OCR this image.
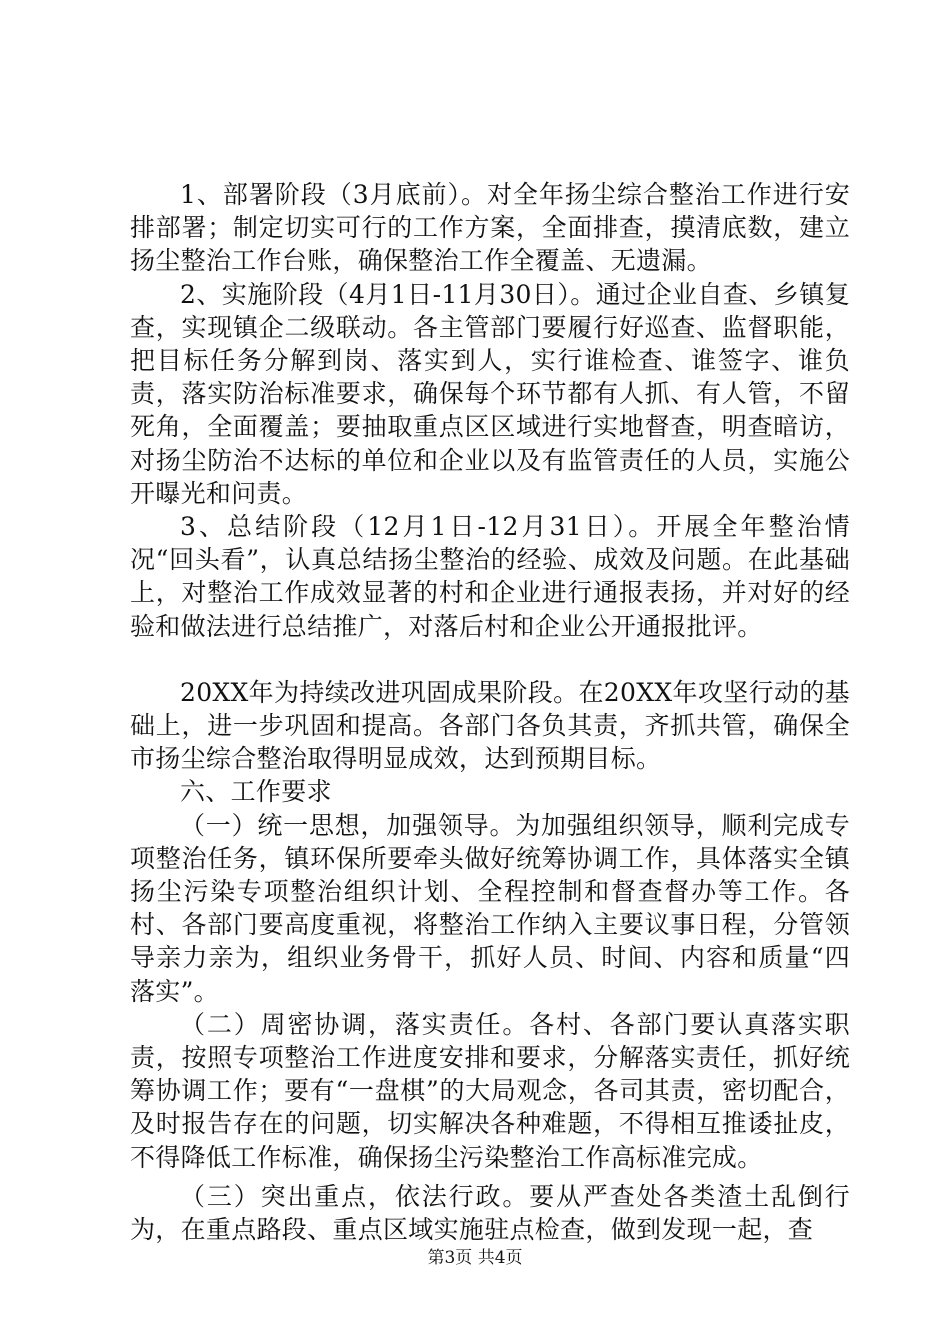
1、部署阶段（3月底前）。对全年扬尘综合整治工作进行安排部署；制定切实可行的工作方案，全面排查，摸清底数，建立扬尘整治工作台账，确保整治工作全覆盖、无遗漏。

2、实施阶段（4月1日-11月30日）。通过企业自查、乡镇复查，实现镇企二级联动。各主管部门要履行好巡查、监督职能，把目标任务分解到岗、落实到人，实行谁检查、谁签字、谁负责，落实防治标准要求，确保每个环节都有人抓、有人管，不留死角，全面覆盖；要抽取重点区区域进行实地督查，明查暗访，对扬尘防治不达标的单位和企业以及有监管责任的人员，实施公开曝光和问责。

3、总结阶段（12月1日-12月31日）。开展全年整治情况“回头看”，认真总结扬尘整治的经验、成效及问题。在此基础上，对整治工作成效显著的村和企业进行通报表扬，并对好的经验和做法进行总结推广，对落后村和企业公开通报批评。

20XX年为持续改进巩固成果阶段。在20XX年攻坚行动的基础上，进一步巩固和提高。各部门各负其责，齐抓共管，确保全市扬尘综合整治取得明显成效，达到预期目标。

六、工作要求

（一）统一思想，加强领导。为加强组织领导，顺利完成专项整治任务，镇环保所要牵头做好统筹协调工作，具体落实全镇扬尘污染专项整治组织计划、全程控制和督查督办等工作。各村、各部门要高度重视，将整治工作纳入主要议事日程，分管领导亲力亲为，组织业务骨干，抓好人员、时间、内容和质量“四落实”。

（二）周密协调，落实责任。各村、各部门要认真落实职责，按照专项整治工作进度安排和要求，分解落实责任，抓好统筹协调工作；要有“一盘棋”的大局观念，各司其责，密切配合，及时报告存在的问题，切实解决各种难题，不得相互推诿扯皮，不得降低工作标准，确保扬尘污染整治工作高标准完成。

（三）突出重点，依法行政。要从严查处各类渣土乱倒行为，在重点路段、重点区域实施驻点检查，做到发现一起，查

第3页 共4页
